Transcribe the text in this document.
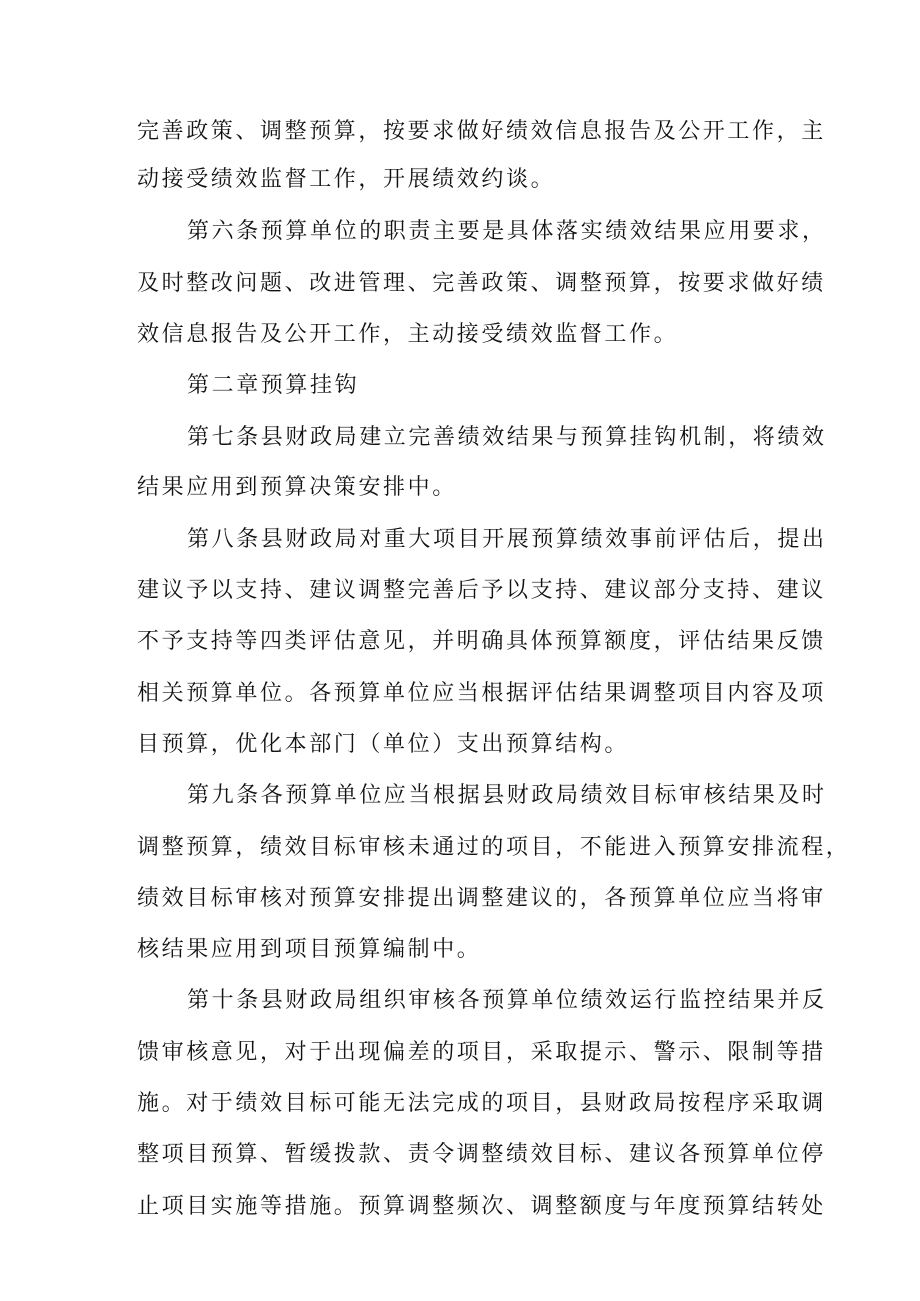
完善政策、调整预算，按要求做好绩效信息报告及公开工作，主
动接受绩效监督工作，开展绩效约谈。
第六条预算单位的职责主要是具体落实绩效结果应用要求，
及时整改问题、改进管理、完善政策、调整预算，按要求做好绩
效信息报告及公开工作，主动接受绩效监督工作。
第二章预算挂钩
第七条县财政局建立完善绩效结果与预算挂钩机制，将绩效
结果应用到预算决策安排中。
第八条县财政局对重大项目开展预算绩效事前评估后，提出
建议予以支持、建议调整完善后予以支持、建议部分支持、建议
不予支持等四类评估意见，并明确具体预算额度，评估结果反馈
相关预算单位。各预算单位应当根据评估结果调整项目内容及项
目预算，优化本部门（单位）支出预算结构。
第九条各预算单位应当根据县财政局绩效目标审核结果及时
调整预算，绩效目标审核未通过的项目，不能进入预算安排流程，
绩效目标审核对预算安排提出调整建议的，各预算单位应当将审
核结果应用到项目预算编制中。
第十条县财政局组织审核各预算单位绩效运行监控结果并反
馈审核意见，对于出现偏差的项目，采取提示、警示、限制等措
施。对于绩效目标可能无法完成的项目，县财政局按程序采取调
整项目预算、暂缓拨款、责令调整绩效目标、建议各预算单位停
止项目实施等措施。预算调整频次、调整额度与年度预算结转处
